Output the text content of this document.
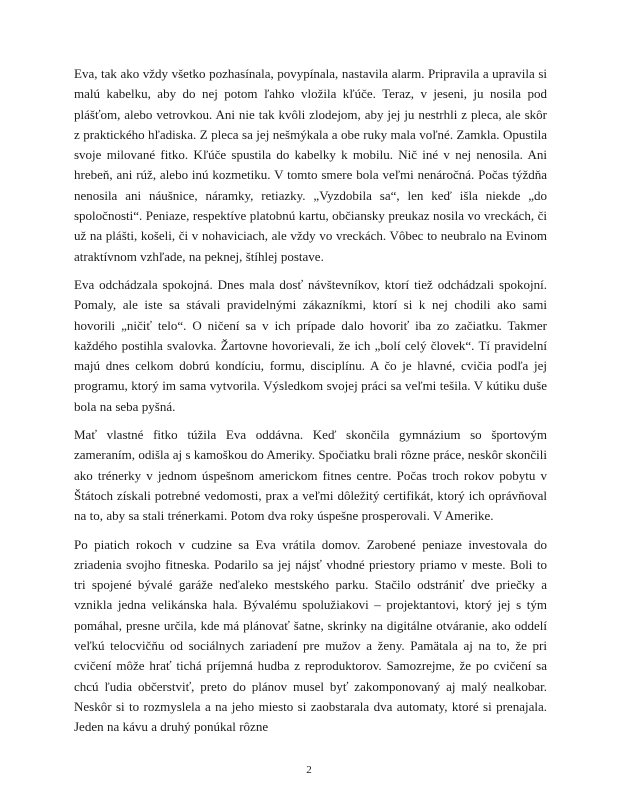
Eva, tak ako vždy všetko pozhasínala, povypínala, nastavila alarm. Pripravila a upravila si malú kabelku, aby do nej potom ľahko vložila kľúče. Teraz, v jeseni, ju nosila pod plášťom, alebo vetrovkou. Ani nie tak kvôli zlodejom, aby jej ju nestrhli z pleca, ale skôr z praktického hľadiska. Z pleca sa jej nešmýkala a obe ruky mala voľné. Zamkla. Opustila svoje milované fitko. Kľúče spustila do kabelky k mobilu. Nič iné v nej nenosila. Ani hrebeň, ani rúž, alebo inú kozmetiku. V tomto smere bola veľmi nenáročná. Počas týždňa nenosila ani náušnice, náramky, retiazky. „Vyzdobila sa“, len keď išla niekde „do spoločnosti“. Peniaze, respektíve platobnú kartu, občiansky preukaz nosila vo vreckách, či už na plášti, košeli, či v nohaviciach, ale vždy vo vreckách. Vôbec to neubralo na Evinom atraktívnom vzhľade, na peknej, štíhlej postave.

Eva odchádzala spokojná. Dnes mala dosť návštevníkov, ktorí tiež odchádzali spokojní. Pomaly, ale iste sa stávali pravidelnými zákazníkmi, ktorí si k nej chodili ako sami hovorili „ničiť telo“. O ničení sa v ich prípade dalo hovoriť iba zo začiatku. Takmer každého postihla svalovka. Žartovne hovorievali, že ich „bolí celý človek“. Tí pravidelní majú dnes celkom dobrú kondíciu, formu, disciplínu. A čo je hlavné, cvičia podľa jej programu, ktorý im sama vytvorila. Výsledkom svojej práci sa veľmi tešila. V kútiku duše bola na seba pyšná.

Mať vlastné fitko túžila Eva oddávna. Keď skončila gymnázium so športovým zameraním, odišla aj s kamoškou do Ameriky. Spočiatku brali rôzne práce, neskôr skončili ako trénerky v jednom úspešnom americkom fitnes centre. Počas troch rokov pobytu v Štátoch získali potrebné vedomosti, prax a veľmi dôležitý certifikát, ktorý ich oprávňoval na to, aby sa stali trénerkami. Potom dva roky úspešne prosperovali. V Amerike.

Po piatich rokoch v cudzine sa Eva vrátila domov. Zarobené peniaze investovala do zriadenia svojho fitneska. Podarilo sa jej nájsť vhodné priestory priamo v meste. Boli to tri spojené bývalé garáže neďaleko mestského parku. Stačilo odstrániť dve priečky a vznikla jedna velikánska hala. Bývalému spolužiakovi – projektantovi, ktorý jej s tým pomáhal, presne určila, kde má plánovať šatne, skrinky na digitálne otváranie, ako oddelí veľkú telocvičňu od sociálnych zariadení pre mužov a ženy. Pamätala aj na to, že pri cvičení môže hrať tichá príjemná hudba z reproduktorov. Samozrejme, že po cvičení sa chcú ľudia občerstviť, preto do plánov musel byť zakomponovaný aj malý nealkobar. Neskôr si to rozmyslela a na jeho miesto si zaobstarala dva automaty, ktoré si prenajala. Jeden na kávu a druhý ponúkal rôzne

2
